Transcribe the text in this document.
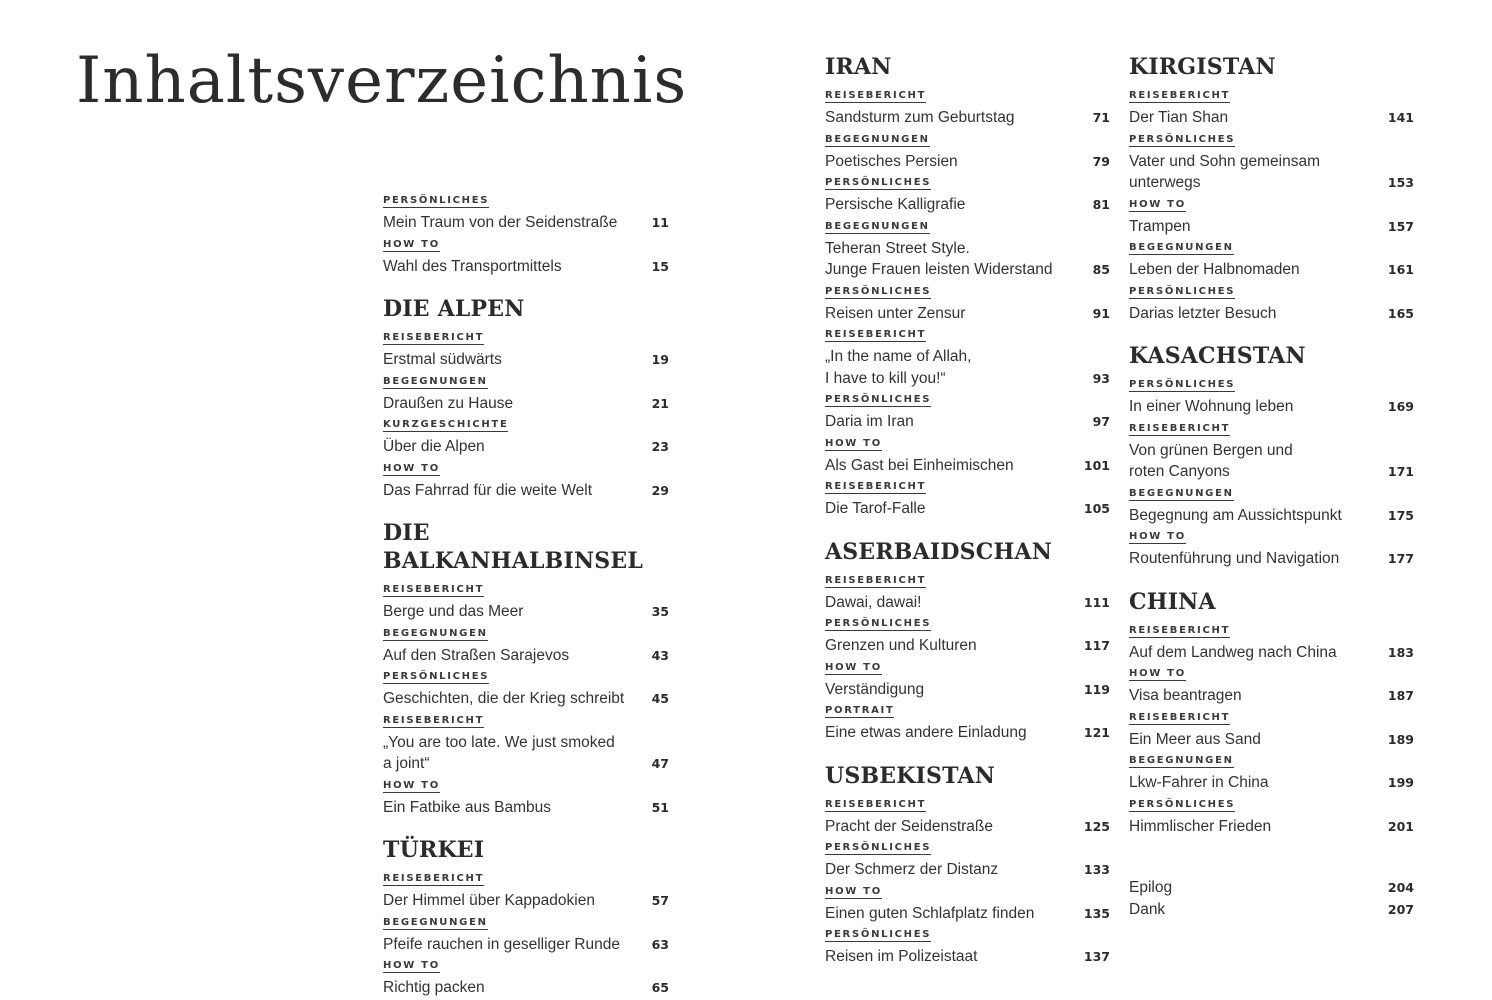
Inhaltsverzeichnis
PERSÖNLICHES
Mein Traum von der Seidenstraße	11
HOW TO
Wahl des Transportmittels	15
DIE ALPEN
REISEBERICHT
Erstmal südwärts	19
BEGEGNUNGEN
Draußen zu Hause	21
KURZGESCHICHTE
Über die Alpen	23
HOW TO
Das Fahrrad für die weite Welt	29
DIE BALKANHALBINSEL
REISEBERICHT
Berge und das Meer	35
BEGEGNUNGEN
Auf den Straßen Sarajevos	43
PERSÖNLICHES
Geschichten, die der Krieg schreibt	45
REISEBERICHT
„You are too late. We just smoked
a joint“	47
HOW TO
Ein Fatbike aus Bambus	51
TÜRKEI
REISEBERICHT
Der Himmel über Kappadokien	57
BEGEGNUNGEN
Pfeife rauchen in geselliger Runde	63
HOW TO
Richtig packen	65
IRAN
REISEBERICHT
Sandsturm zum Geburtstag	71
BEGEGNUNGEN
Poetisches Persien	79
PERSÖNLICHES
Persische Kalligrafie	81
BEGEGNUNGEN
Teheran Street Style.
Junge Frauen leisten Widerstand	85
PERSÖNLICHES
Reisen unter Zensur	91
REISEBERICHT
„In the name of Allah,
I have to kill you!“	93
PERSÖNLICHES
Daria im Iran	97
HOW TO
Als Gast bei Einheimischen	101
REISEBERICHT
Die Tarof-Falle	105
ASERBAIDSCHAN
REISEBERICHT
Dawai, dawai!	111
PERSÖNLICHES
Grenzen und Kulturen	117
HOW TO
Verständigung	119
PORTRAIT
Eine etwas andere Einladung	121
USBEKISTAN
REISEBERICHT
Pracht der Seidenstraße	125
PERSÖNLICHES
Der Schmerz der Distanz	133
HOW TO
Einen guten Schlafplatz finden	135
PERSÖNLICHES
Reisen im Polizeistaat	137
KIRGISTAN
REISEBERICHT
Der Tian Shan	141
PERSÖNLICHES
Vater und Sohn gemeinsam
unterwegs	153
HOW TO
Trampen	157
BEGEGNUNGEN
Leben der Halbnomaden	161
PERSÖNLICHES
Darias letzter Besuch	165
KASACHSTAN
PERSÖNLICHES
In einer Wohnung leben	169
REISEBERICHT
Von grünen Bergen und
roten Canyons	171
BEGEGNUNGEN
Begegnung am Aussichtspunkt	175
HOW TO
Routenführung und Navigation	177
CHINA
REISEBERICHT
Auf dem Landweg nach China	183
HOW TO
Visa beantragen	187
REISEBERICHT
Ein Meer aus Sand	189
BEGEGNUNGEN
Lkw-Fahrer in China	199
PERSÖNLICHES
Himmlischer Frieden	201
Epilog	204
Dank	207
